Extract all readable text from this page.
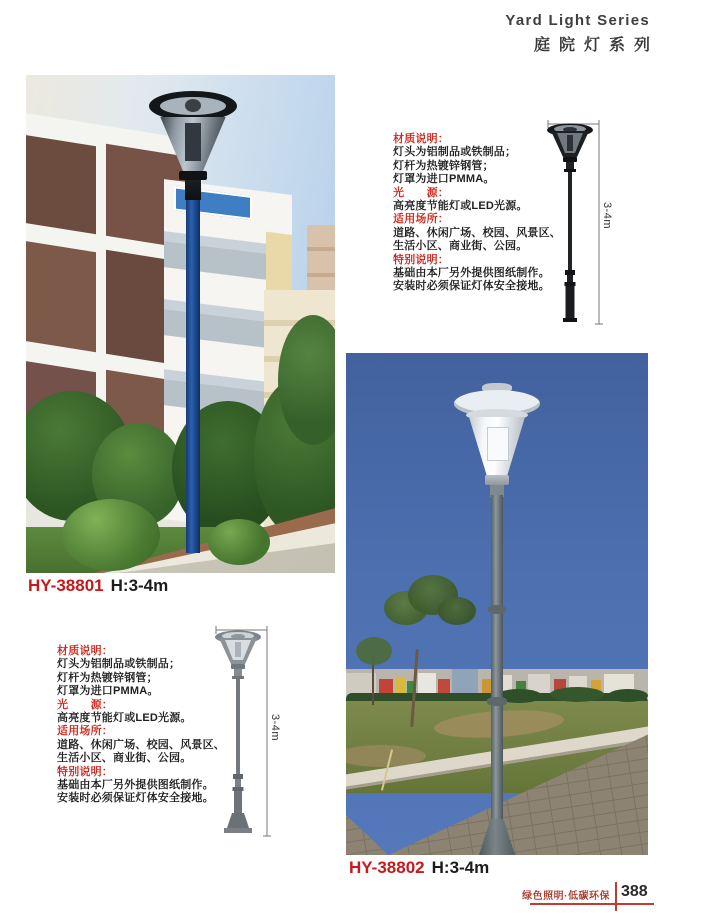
Yard Light Series
庭院灯系列
HY-38801 H:3-4m
材质说明：
灯头为铝制品或铁制品；
灯杆为热镀锌钢管；
灯罩为进口PMMA。
光　　源：
高亮度节能灯或LED光源。
适用场所：
道路、休闲广场、校园、风景区、
生活小区、商业街、公园。
特别说明：
基础由本厂另外提供图纸制作。
安装时必须保证灯体安全接地。
3-4m
材质说明：
灯头为铝制品或铁制品；
灯杆为热镀锌钢管；
灯罩为进口PMMA。
光　　源：
高亮度节能灯或LED光源。
适用场所：
道路、休闲广场、校园、风景区、
生活小区、商业街、公园。
特别说明：
基础由本厂另外提供图纸制作。
安装时必须保证灯体安全接地。
3-4m
HY-38802 H:3-4m
绿色照明·低碳环保 388
